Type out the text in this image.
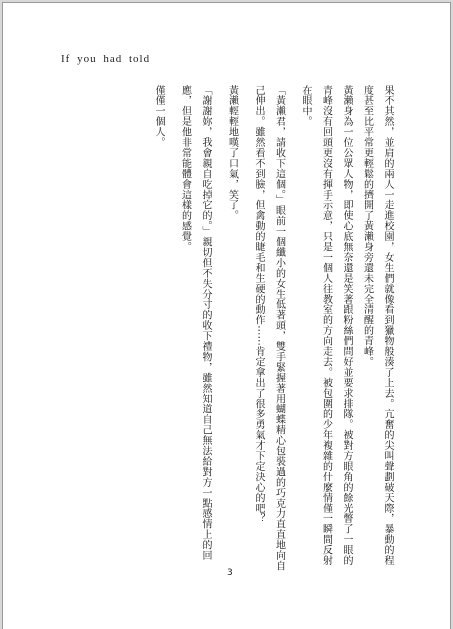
If you had told

果不其然，並肩的兩人一走進校園，女生們就像看到獵物般湊了上去。亢奮的尖叫聲劃破天際，暴動的程度甚至比平常更輕鬆的擠開了黃瀨身旁還未完全清醒的青峰。

黃瀨身為一位公眾人物，即使心底無奈還是笑著跟粉絲們問好並要求排隊。被對方眼角的餘光瞥了一眼的青峰沒有回頭更沒有揮手示意，只是一個人往教室的方向走去。被包圍的少年複雜的什麼情僅一瞬間反射在眼中。

「黃瀨君，請收下這個。」眼前一個纖小的女生低著頭，雙手緊握著用蝴蝶精心包裝過的巧克力直直地向自己伸出。雖然看不到臉，但禽動的睫毛和生硬的動作⋯⋯肯定拿出了很多勇氣才下定決心的吧？

黃瀨輕輕地嘆了口氣，笑了。

「謝謝妳，我會親自吃掉它的。」親切但不失分寸的收下禮物，雖然知道自己無法給對方一點感情上的回應，但是他非常能體會這樣的感覺。

僅僅一個人。

3
